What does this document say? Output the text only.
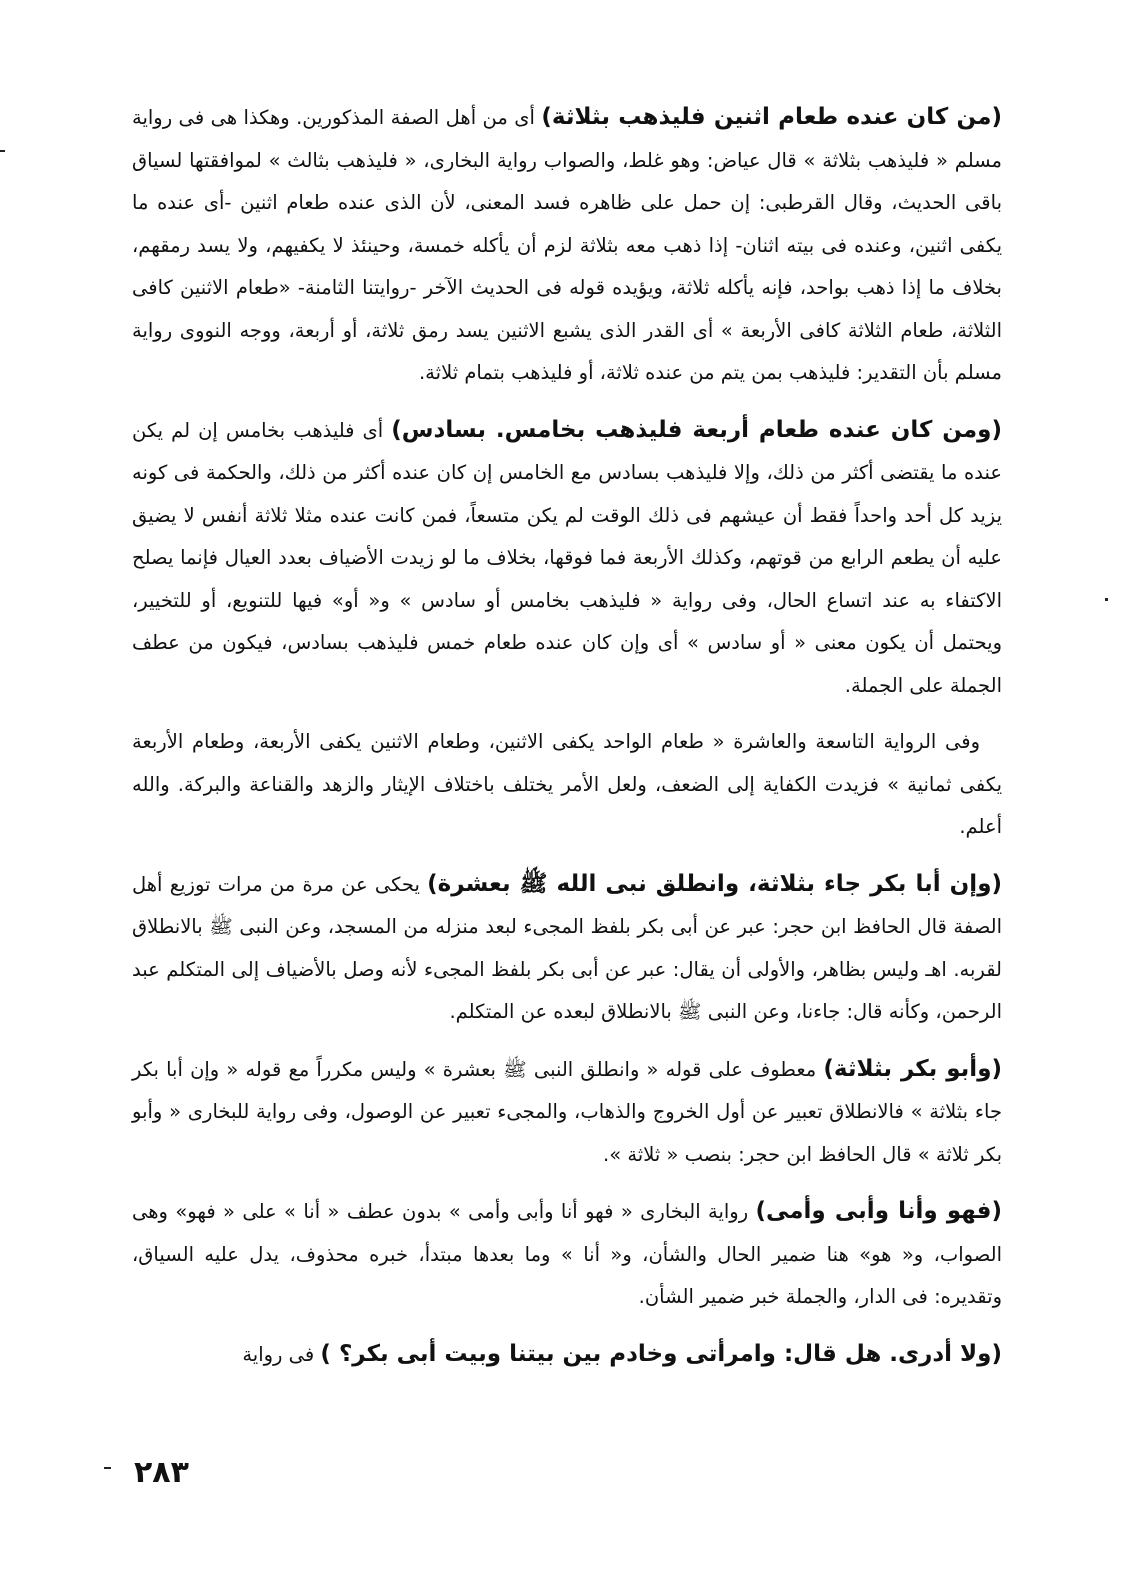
(من كان عنده طعام اثنين فليذهب بثلاثة) أى من أهل الصفة المذكورين. وهكذا هى فى رواية مسلم « فليذهب بثلاثة » قال عياض: وهو غلط، والصواب رواية البخارى، « فليذهب بثالث » لموافقتها لسياق باقى الحديث، وقال القرطبى: إن حمل على ظاهره فسد المعنى، لأن الذى عنده طعام اثنين -أى عنده ما يكفى اثنين، وعنده فى بيته اثنان- إذا ذهب معه بثلاثة لزم أن يأكله خمسة، وحينئذ لا يكفيهم، ولا يسد رمقهم، بخلاف ما إذا ذهب بواحد، فإنه يأكله ثلاثة، ويؤيده قوله فى الحديث الآخر -روايتنا الثامنة- «طعام الاثنين كافى الثلاثة، طعام الثلاثة كافى الأربعة » أى القدر الذى يشبع الاثنين يسد رمق ثلاثة، أو أربعة، ووجه النووى رواية مسلم بأن التقدير: فليذهب بمن يتم من عنده ثلاثة، أو فليذهب بتمام ثلاثة.

(ومن كان عنده طعام أربعة فليذهب بخامس. بسادس) أى فليذهب بخامس إن لم يكن عنده ما يقتضى أكثر من ذلك، وإلا فليذهب بسادس مع الخامس إن كان عنده أكثر من ذلك، والحكمة فى كونه يزيد كل أحد واحداً فقط أن عيشهم فى ذلك الوقت لم يكن متسعاً، فمن كانت عنده مثلا ثلاثة أنفس لا يضيق عليه أن يطعم الرابع من قوتهم، وكذلك الأربعة فما فوقها، بخلاف ما لو زيدت الأضياف بعدد العيال فإنما يصلح الاكتفاء به عند اتساع الحال، وفى رواية « فليذهب بخامس أو سادس » و« أو» فيها للتنويع، أو للتخيير، ويحتمل أن يكون معنى « أو سادس » أى وإن كان عنده طعام خمس فليذهب بسادس، فيكون من عطف الجملة على الجملة.

وفى الرواية التاسعة والعاشرة « طعام الواحد يكفى الاثنين، وطعام الاثنين يكفى الأربعة، وطعام الأربعة يكفى ثمانية » فزيدت الكفاية إلى الضعف، ولعل الأمر يختلف باختلاف الإيثار والزهد والقناعة والبركة. والله أعلم.

(وإن أبا بكر جاء بثلاثة، وانطلق نبى الله ﷺ بعشرة) يحكى عن مرة من مرات توزيع أهل الصفة قال الحافظ ابن حجر: عبر عن أبى بكر بلفظ المجىء لبعد منزله من المسجد، وعن النبى ﷺ بالانطلاق لقربه. اهـ وليس بظاهر، والأولى أن يقال: عبر عن أبى بكر بلفظ المجىء لأنه وصل بالأضياف إلى المتكلم عبد الرحمن، وكأنه قال: جاءنا، وعن النبى ﷺ بالانطلاق لبعده عن المتكلم.

(وأبو بكر بثلاثة) معطوف على قوله « وانطلق النبى ﷺ بعشرة » وليس مكرراً مع قوله « وإن أبا بكر جاء بثلاثة » فالانطلاق تعبير عن أول الخروج والذهاب، والمجىء تعبير عن الوصول، وفى رواية للبخارى « وأبو بكر ثلاثة » قال الحافظ ابن حجر: بنصب « ثلاثة ».

(فهو وأنا وأبى وأمى) رواية البخارى « فهو أنا وأبى وأمى » بدون عطف « أنا » على « فهو» وهى الصواب، و« هو» هنا ضمير الحال والشأن، و« أنا » وما بعدها مبتدأ، خبره محذوف، يدل عليه السياق، وتقديره: فى الدار، والجملة خبر ضمير الشأن.

(ولا أدرى. هل قال: وامرأتى وخادم بين بيتنا وبيت أبى بكر؟ ) فى رواية

٢٨٣
